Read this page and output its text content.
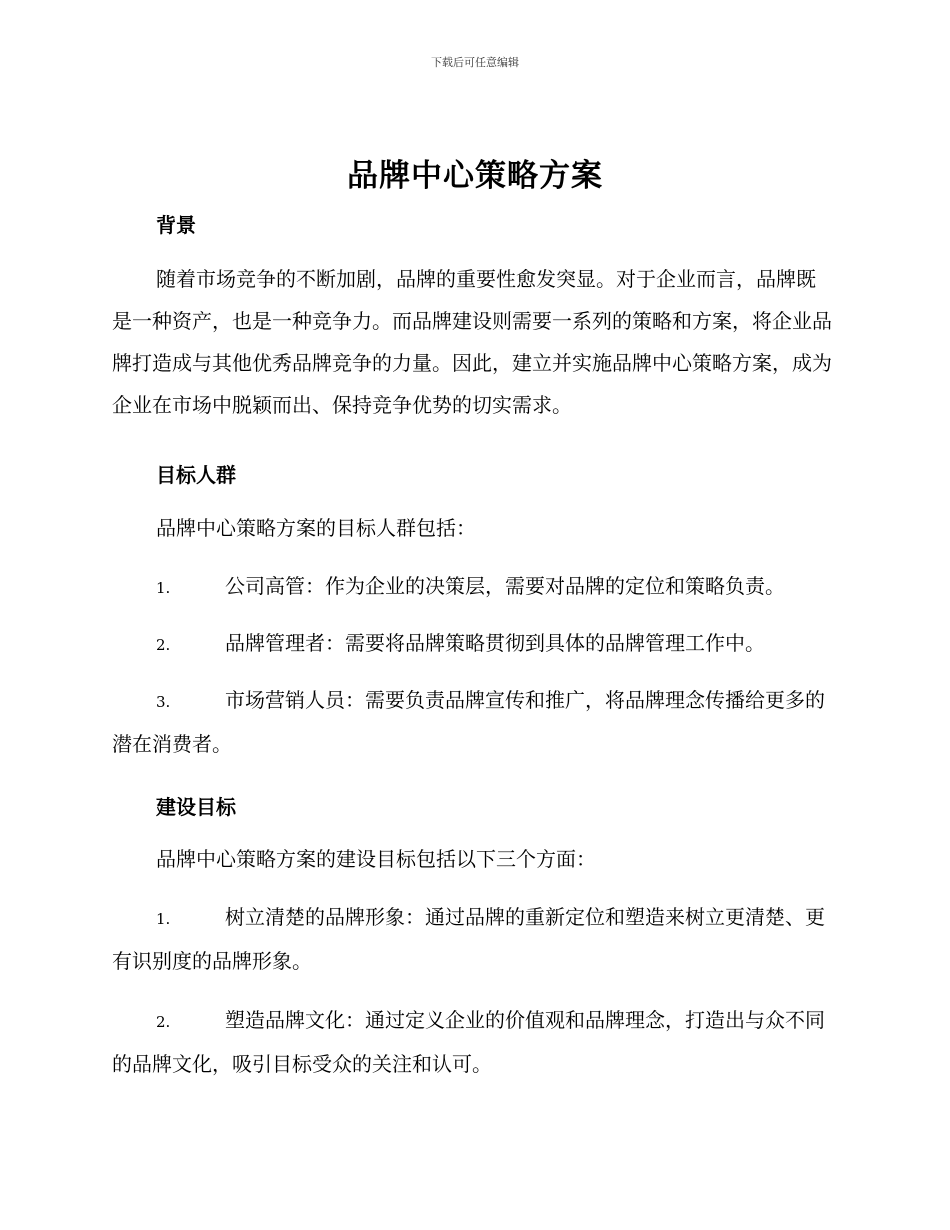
下载后可任意编辑
品牌中心策略方案
背景
随着市场竞争的不断加剧，品牌的重要性愈发突显。对于企业而言，品牌既是一种资产，也是一种竞争力。而品牌建设则需要一系列的策略和方案，将企业品牌打造成与其他优秀品牌竞争的力量。因此，建立并实施品牌中心策略方案，成为企业在市场中脱颖而出、保持竞争优势的切实需求。
目标人群
品牌中心策略方案的目标人群包括：
1.	公司高管：作为企业的决策层，需要对品牌的定位和策略负责。
2.	品牌管理者：需要将品牌策略贯彻到具体的品牌管理工作中。
3.	市场营销人员：需要负责品牌宣传和推广，将品牌理念传播给更多的潜在消费者。
建设目标
品牌中心策略方案的建设目标包括以下三个方面：
1.	树立清楚的品牌形象：通过品牌的重新定位和塑造来树立更清楚、更有识别度的品牌形象。
2.	塑造品牌文化：通过定义企业的价值观和品牌理念，打造出与众不同的品牌文化，吸引目标受众的关注和认可。
